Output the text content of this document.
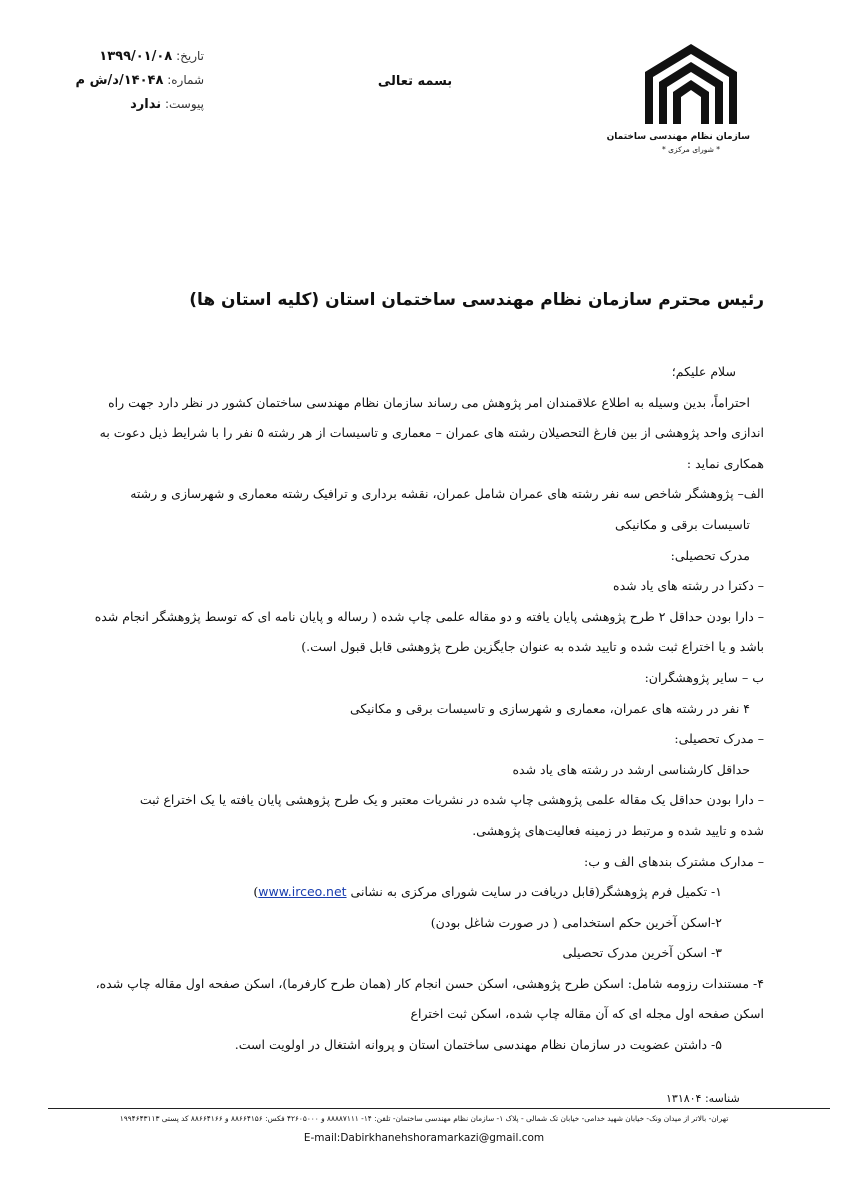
سازمان نظام مهندسی ساختمان
* شورای مرکزی *
بسمه تعالی
تاریخ: ۱۳۹۹/۰۱/۰۸
شماره: ۱۴۰۴۸/د/ش م
پیوست: ندارد
رئیس محترم سازمان نظام مهندسی ساختمان استان (کلیه استان ها)
سلام علیکم؛
احتراماً، بدین وسیله به اطلاع علاقمندان امر پژوهش می رساند سازمان نظام مهندسی ساختمان کشور در نظر دارد جهت راه
اندازی واحد پژوهشی از بین فارغ التحصیلان رشته های عمران – معماری و تاسیسات از هر رشته ۵ نفر را با شرایط ذیل دعوت به
همکاری نماید :
الف– پژوهشگر شاخص سه نفر رشته های عمران شامل عمران، نقشه برداری و ترافیک رشته معماری و شهرسازی و رشته
تاسیسات برقی و مکانیکی
مدرک تحصیلی:
– دکترا در رشته های یاد شده
– دارا بودن حداقل ۲ طرح پژوهشی پایان یافته و دو مقاله علمی چاپ شده ( رساله و پایان نامه ای که توسط پژوهشگر انجام شده
باشد و یا اختراع ثبت شده و تایید شده به عنوان جایگزین طرح پژوهشی قابل قبول است.)
ب – سایر پژوهشگران:
۴ نفر در رشته های عمران، معماری و شهرسازی و تاسیسات برقی و مکانیکی
– مدرک تحصیلی:
حداقل کارشناسی ارشد در رشته های یاد شده
– دارا بودن حداقل یک مقاله علمی پژوهشی چاپ شده در نشریات معتبر و یک طرح پژوهشی پایان یافته یا یک اختراع ثبت
شده و تایید شده و مرتبط در زمینه فعالیت‌های پژوهشی.
– مدارک مشترک بندهای الف و ب:
۱- تکمیل فرم پژوهشگر(قابل دریافت در سایت شورای مرکزی به نشانی www.irceo.net)
۲-اسکن آخرین حکم استخدامی ( در صورت شاغل بودن)
۳- اسکن آخرین مدرک تحصیلی
۴- مستندات رزومه شامل: اسکن طرح پژوهشی، اسکن حسن انجام کار (همان طرح کارفرما)، اسکن صفحه اول مقاله چاپ شده،
اسکن صفحه اول مجله ای که آن مقاله چاپ شده، اسکن ثبت اختراع
۵- داشتن عضویت در سازمان نظام مهندسی ساختمان استان و پروانه اشتغال در اولویت است.
شناسه: ۱۳۱۸۰۴
تهران- بالاتر از میدان ونک- خیابان شهید خدامی- خیابان تک شمالی - پلاک ۱- سازمان نظام مهندسی ساختمان- تلفن: ۱۴- ۸۸۸۸۷۱۱۱ و ۴۲۶۰۵۰۰۰ فکس: ۸۸۶۶۴۱۵۶ و ۸۸۶۶۴۱۶۶ کد پستی ۱۹۹۴۶۴۳۱۱۳
E-mail:Dabirkhanehshoramarkazi@gmail.com
